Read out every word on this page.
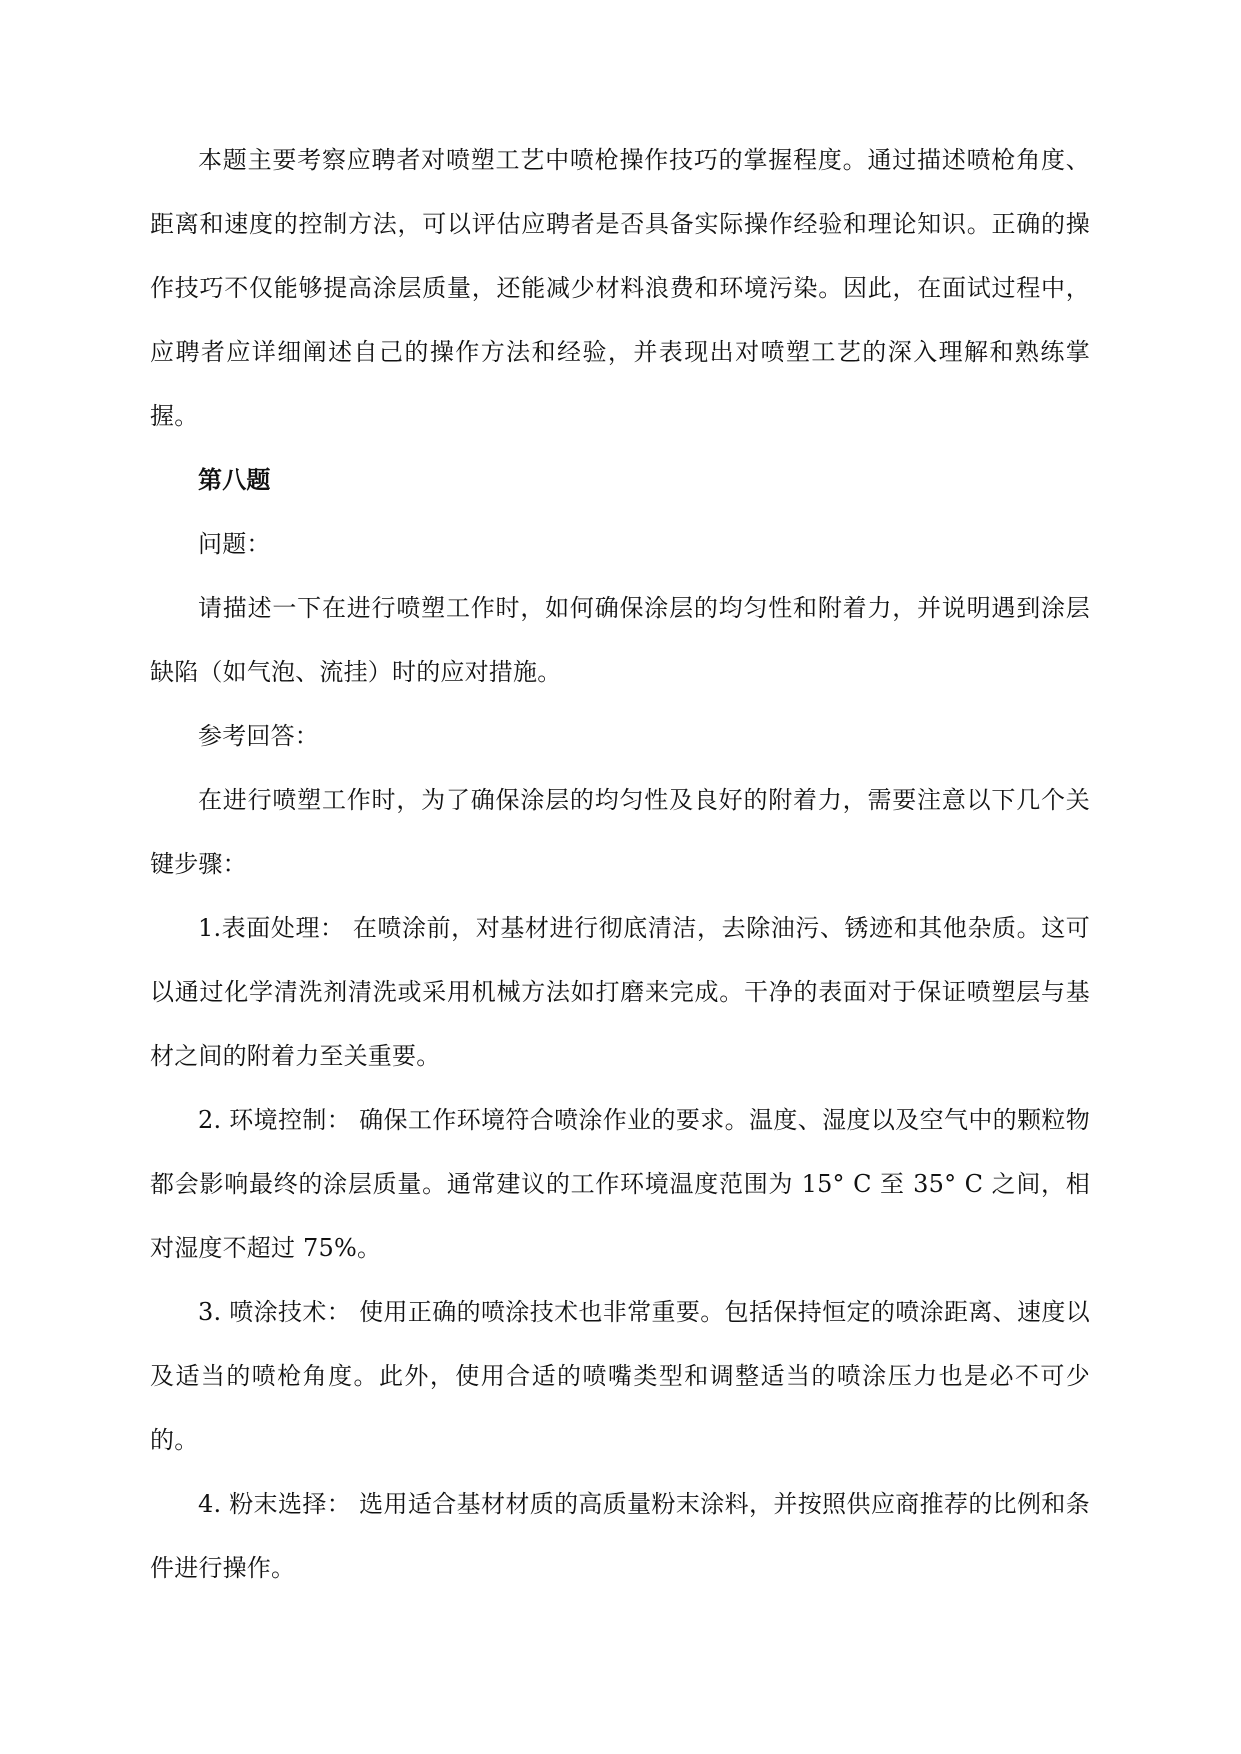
本题主要考察应聘者对喷塑工艺中喷枪操作技巧的掌握程度。通过描述喷枪角度、距离和速度的控制方法，可以评估应聘者是否具备实际操作经验和理论知识。正确的操作技巧不仅能够提高涂层质量，还能减少材料浪费和环境污染。因此，在面试过程中，应聘者应详细阐述自己的操作方法和经验，并表现出对喷塑工艺的深入理解和熟练掌握。

第八题

问题：

请描述一下在进行喷塑工作时，如何确保涂层的均匀性和附着力，并说明遇到涂层缺陷（如气泡、流挂）时的应对措施。

参考回答：

在进行喷塑工作时，为了确保涂层的均匀性及良好的附着力，需要注意以下几个关键步骤：

1.表面处理： 在喷涂前，对基材进行彻底清洁，去除油污、锈迹和其他杂质。这可以通过化学清洗剂清洗或采用机械方法如打磨来完成。干净的表面对于保证喷塑层与基材之间的附着力至关重要。

2. 环境控制： 确保工作环境符合喷涂作业的要求。温度、湿度以及空气中的颗粒物都会影响最终的涂层质量。通常建议的工作环境温度范围为 15° C 至 35° C 之间，相对湿度不超过 75%。

3. 喷涂技术： 使用正确的喷涂技术也非常重要。包括保持恒定的喷涂距离、速度以及适当的喷枪角度。此外，使用合适的喷嘴类型和调整适当的喷涂压力也是必不可少的。

4. 粉末选择： 选用适合基材材质的高质量粉末涂料，并按照供应商推荐的比例和条件进行操作。
